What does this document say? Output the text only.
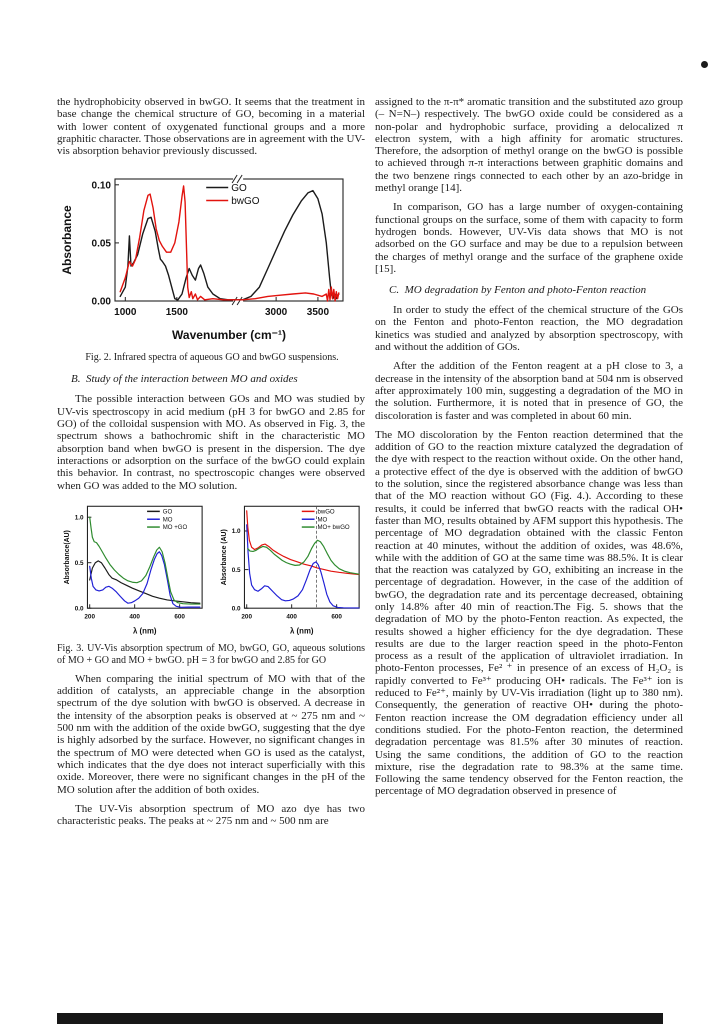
the hydrophobicity observed in bwGO. It seems that the treatment in base change the chemical structure of GO, becoming in a material with lower content of oxygenated functional groups and a more graphitic character. Those observations are in agreement with the UV-vis absorption behavior previously discussed.

0.00
0.05
0.10
1000	1500	3000 3500
GO
bwGO
Wavenumber (cm⁻¹)
Absorbance
Fig. 2. Infrared spectra of aqueous GO and bwGO suspensions.
B.  Study of the interaction between MO and oxides

The possible interaction between GOs and MO was studied by UV-vis spectroscopy in acid medium (pH 3 for bwGO and 2.85 for GO) of the colloidal suspension with MO. As observed in Fig. 3, the spectrum shows a bathochromic shift in the characteristic MO absorption band when bwGO is present in the dispersion. The dye interactions or adsorption on the surface of the bwGO could explain this behavior. In contrast, no spectroscopic changes were observed when GO was added to the MO solution.

0.0
0.5
1.0
200	400	600
GO
MO
MO +GO
λ (nm)
Absorbance(AU)
0.0
0.5
1.0
200	400	600
bwGO
MO
MO+ bwGO
λ (nm)
Absorbance (AU)
Fig. 3. UV-Vis absorption spectrum of MO, bwGO, GO, aqueous solutions of MO + GO and MO + bwGO. pH = 3 for bwGO and 2.85 for GO

When comparing the initial spectrum of MO with that of the addition of catalysts, an appreciable change in the absorption spectrum of the dye solution with bwGO is observed. A decrease in the intensity of the absorption peaks is observed at ~ 275 nm and ~ 500 nm with the addition of the oxide bwGO, suggesting that the dye is highly adsorbed by the surface. However, no significant changes in the spectrum of MO were detected when GO is used as the catalyst, which indicates that the dye does not interact superficially with this oxide. Moreover, there were no significant changes in the pH of the MO solution after the addition of both oxides.

The UV-Vis absorption spectrum of MO azo dye has two characteristic peaks. The peaks at ~ 275 nm and ~ 500 nm are

assigned to the π-π* aromatic transition and the substituted azo group (– N=N–) respectively. The bwGO oxide could be considered as a non-polar and hydrophobic surface, providing a delocalized π electron system, with a high affinity for aromatic structures. Therefore, the adsorption of methyl orange on the bwGO is possible to achieved through π-π interactions between graphitic domains and the two benzene rings connected to each other by an azo-bridge in methyl orange [14].

In comparison, GO has a large number of oxygen-containing functional groups on the surface, some of them with capacity to form hydrogen bonds. However, UV-Vis data shows that MO is not adsorbed on the GO surface and may be due to a repulsion between the charges of methyl orange and the surface of the graphene oxide [15].

C.  MO degradation by Fenton and photo-Fenton reaction

In order to study the effect of the chemical structure of the GOs on the Fenton and photo-Fenton reaction, the MO degradation kinetics was studied and analyzed by absorption spectroscopy, with and without the addition of GOs.

After the addition of the Fenton reagent at a pH close to 3, a decrease in the intensity of the absorption band at 504 nm is observed after approximately 100 min, suggesting a degradation of the MO in the solution. Furthermore, it is noted that in presence of GO, the discoloration is faster and was completed in about 60 min.

The MO discoloration by the Fenton reaction determined that the addition of GO to the reaction mixture catalyzed the degradation of the dye with respect to the reaction without oxide. On the other hand, a protective effect of the dye is observed with the addition of bwGO to the solution, since the registered absorbance change was less than that of the MO reaction without GO (Fig. 4.). According to these results, it could be inferred that bwGO reacts with the radical OH• faster than MO, results obtained by AFM support this hypothesis. The percentage of MO degradation obtained with the classic Fenton reaction at 40 minutes, without the addition of oxides, was 48.6%, while with the addition of GO at the same time was 88.5%. It is clear that the reaction was catalyzed by GO, exhibiting an increase in the percentage of degradation. However, in the case of the addition of bwGO, the degradation rate and its percentage decreased, obtaining only 14.8% after 40 min of reaction.The Fig. 5. shows that the degradation of MO by the photo-Fenton reaction. As expected, the results showed a higher efficiency for the dye degradation. These results are due to the larger reaction speed in the photo-Fenton process as a result of the application of ultraviolet irradiation. In photo-Fenton processes, Fe² ⁺ in presence of an excess of H₂O₂ is rapidly converted to Fe³⁺ producing OH• radicals. The Fe³⁺ ion is reduced to Fe²⁺, mainly by UV-Vis irradiation (light up to 380 nm). Consequently, the generation of reactive OH• during the photo-Fenton reaction increase the OM degradation efficiency under all conditions studied. For the photo-Fenton reaction, the determined degradation percentage was 81.5% after 30 minutes of reaction. Using the same conditions, the addition of GO to the reaction mixture, rise the degradation rate to 98.3% at the same time. Following the same tendency observed for the Fenton reaction, the percentage of MO degradation observed in presence of
